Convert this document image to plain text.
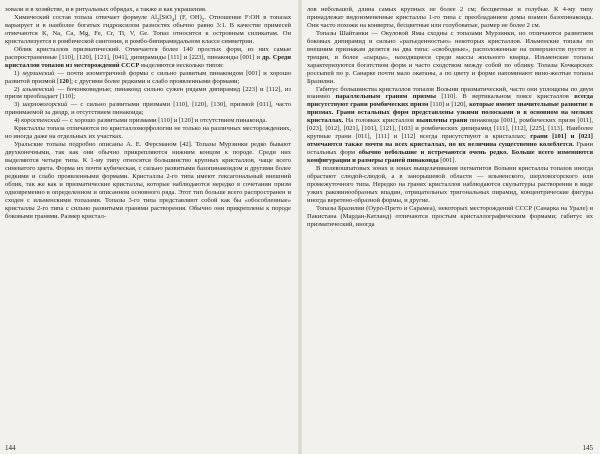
зовали и в хозяйстве, и в ритуальных обрядах, а также и как украшения.

Химический состав топаза отвечает формуле $Al_2[SiO_4]$ (F, $OH)_2$. Отношение F:OH в топазах варьирует и в наиболее богатых гидроксилом разностях обычно равно 3:1. В качестве примесей отмечаются K, Na, Ca, Mg, Fe, Cr, Ti, V, Ge. Топаз относится к островным силикатам. Он кристаллизуется в ромбической сингонии, в ромбо-бипирамидальном классе симметрии.

Облик кристаллов призматический. Отмечается более 140 простых форм, из них самые распространенные [110], [120], [121], [041], дипирамиды [111] и [223], пинакоиды [001] и др. Среди кристаллов топазов из месторождений СССР выделяются несколько типов:

1) мурзинский — почти изометричной формы с сильно развитым пинакоидом [001] и хорошо развитой призмой [120]; с другими более редкими и слабо проявленными формами;

2) ильменский — бочонковидные; пинакоид сильно сужен рядами дипирамид [223] и [112], из призм преобладает [110];

3) шерловогорский — с сильно развитыми призмами [110], [120], [130], призмой [011], часто принимаемой за диэдр, и отсутствием пинакоида;

4) коростенский — с хорошо развитыми призмами [110] и [120] и отсутствием пинакоида.

Кристаллы топаза отличаются по кристалломорфологии не только на различных месторождениях, но иногда даже на отдельных их участках.

Уральские топазы подробно описаны А. Е. Ферсманом [42]. Топазы Мурзинки редко бывают двухконечными, так как они обычно прикрепляются нижним концом к породе. Среди них выделяются четыре типа. К 1-му типу относятся большинство крупных кристаллов, чаще всего синеватого цвета. Форма их почти кубическая, с сильно развитыми базопинакоидом и другими более редкими и слабо проявленными формами. Кристаллы 2-го типа имеют гексагональный внешний облик, так же как и призматические кристаллы, которые наблюдаются нередко в сочетании призм одновременно в определенном и описанном основного ряда. Этот тип больше всего распространен и сходен с ильменскими топазами. Топазы 3-го типа представляют собой как бы «обособленные» кристаллы 2-го типа с сильно развитыми гранями растворения. Обычно они прикреплены к породе боковыми гранями. Размер кристал-

144

лов небольшой, длина самых крупных не более 2 см; бесцветные и голубые. К 4-му типу принадлежат видоизмененные кристаллы 1-го типа с преобладанием домы взамен базопинакоида. Они часто похожи на конверты, бесцветные или голубоватые, размер не более 2 см.

Топазы Шайтанки — Окуловой Ямы сходны с топазами Мурзинки, но отличаются развитием боковых дипирамид и сильно «разъеденностью» некоторых кристаллов. Ильменские топазы по внешним признакам делятся на два типа: «свободные», расположенные на поверхности пустот и трещин, и более «сырцы», находящиеся среди массы жильного кварца. Ильменские топазы характеризуются богатством форм и часто сходством между собой по облику. Топазы Кочкарских россыпей по р. Санарке почти мало окатаны, а по цвету и форме напоминают вино-желтые топазы Бразилии.

Габитус большинства кристаллов топазов Волыни призматический, часто они уплощены по двум взаимно параллельным граням призмы [110]. В вертикальном поясе кристаллов всегда присутствуют грани ромбических призм [110] и [120], которые имеют значительные развитие в призмах. Грани остальных форм представлены узкими полосками и в основном на мелких кристаллах. На головках кристаллов выявлены грани пинакоида [001], ромбических призм [011], [023], [012], [021], [101], [121], [103] и ромбических дипирамид [111], [112], [225], [113]. Наиболее крупные грани [011], [111] и [112] всегда присутствуют в кристаллах; грани [101] и [021] отмечаются также почти на всех кристаллах, но их величина существенно колеблется. Грани остальных форм обычно небольшие и встречаются очень редко. Больше всего изменяются конфигурации и размеры граней пинакоида [001].

В полевошпатовых зонах и зонах выщелачивания пегматитов Волыни кристаллы топазов иногда обрастают слюдой-слюдой, а в занорышевой области — ильменского, шерловогорского или промежуточного типа. Нередко на гранях кристаллов наблюдаются скульптуры растворения в виде узких раковинообразных впадин, отрицательных тригональных пирамид, концентрические фигуры иногда веретено-образной формы, и другие.

Топазы Бразилии (Оуро-Прето и Сарамеа), некоторых месторождений СССР (Санарка на Урале) и Пакистана (Мардан-Катланд) отличаются простым кристаллографическим формами; габитус их призматический, иногда

145
